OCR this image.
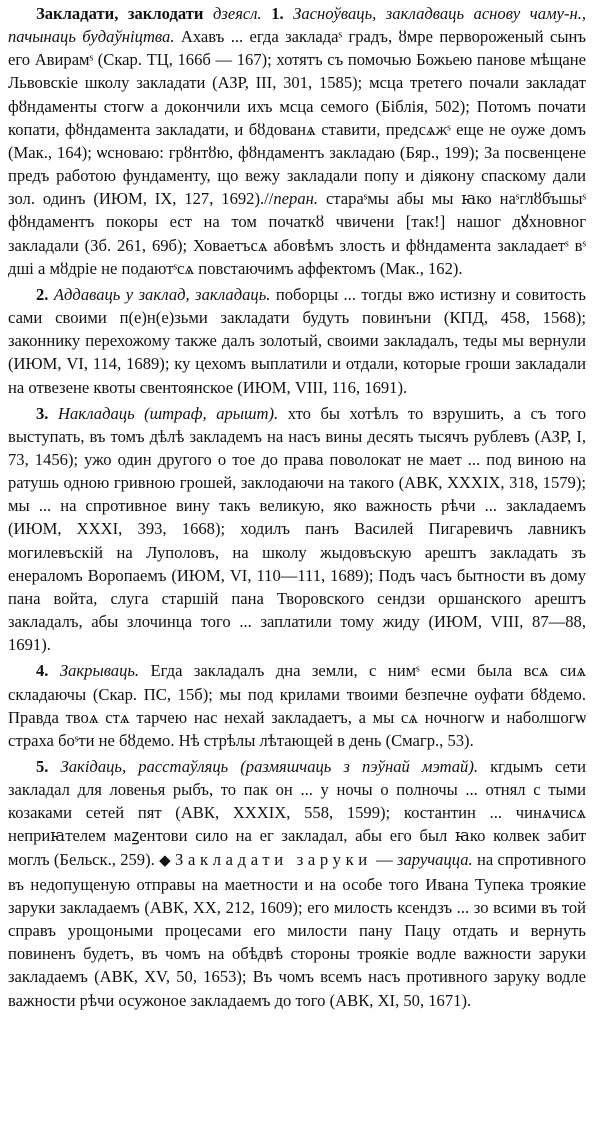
Закладати, заклодати дзеясл. 1. Засноўваць, закладваць аснову чаму-н., пачынаць будаўніцтва. Ахавъ ... егда закладаˢ градъ, ȣмре первороженый сынъ его Авирамˢ (Скар. ТЦ, 166б — 167); хотятъ съ помочью Божьею панове мѣщане Львовскіе школу закладати (АЗР, III, 301, 1585); мсца третего почали закладат фȣндаменты стогѡ а докончили ихъ мсца семого (Біблія, 502); Потомъ почати копати, фȣндамента закладати, и бȣдованѧ ставити, предсѧжˢ еще не оуже домъ (Мак., 164); ѡсноваю: грȣнтȣю, фȣндаментъ закладаю (Бяр., 199); За посвенцене предъ работою фундаменту, що вежу закладали попу и діякону спаскому дали зол. одинъ (ИЮМ, IX, 127, 1692).//перан. стараˢмы абы мы ꙗко наˢглȣбъшыˢ фȣндаментъ покоры ест на том початкȣ чвичени [так!] нашог дꙋхновног закладали (Зб. 261, 69б); Ховаетъсѧ абовѣмъ злость и фȣндамента закладаетˢ вˢ дші а мȣдріе не подаютˢсѧ повстаючимъ аффектомъ (Мак., 162).

2. Аддаваць у заклад, закладаць. поборцы ... тогды вжо истизну и совитость сами своими п(е)н(е)зьми закладати будуть повинъни (КПД, 458, 1568); законнику перехожому также далъ золотый, своими закладалъ, теды мы вернули (ИЮМ, VI, 114, 1689); ку цехомъ выплатили и отдали, которые гроши закладали на отвезене квоты свентоянское (ИЮМ, VIII, 116, 1691).

3. Накладаць (штраф, арышт). хто бы хотѣлъ то взрушить, а съ того выступать, въ томъ дѣлѣ закладемъ на насъ вины десять тысячъ рублевъ (АЗР, I, 73, 1456); ужо один другого о тое до права поволокат не мает ... под виною на ратушь одною гривною грошей, заклодаючи на такого (АВК, XXXIX, 318, 1579); мы ... на спротивное вину такъ великую, яко важность рѣчи ... закладаемъ (ИЮМ, XXXI, 393, 1668); ходилъ панъ Василей Пигаревичъ лавникъ могилевъскій на Луполовъ, на школу жыдовъскую арештъ закладать зъ енераломъ Воропаемъ (ИЮМ, VI, 110—111, 1689); Подъ часъ бытности въ дому пана войта, слуга старшій пана Творовского сендзи оршанского арештъ закладалъ, абы злочинца того ... заплатили тому жиду (ИЮМ, VIII, 87—88, 1691).

4. Закрываць. Егда закладалъ дна земли, с нимˢ есми была всѧ сиѧ складаючы (Скар. ПС, 15б); мы под крилами твоими безпечне оуфати бȣдемо. Правда твоѧ стѧ тарчею нас нехай закладаетъ, а мы сѧ ночногѡ и наболшогѡ страха боˢти не бȣдемо. Нѣ стрѣлы лѣтающей в день (Смагр., 53).

5. Закідаць, расстаўляць (размяшчаць з пэўнай мэтай). кгдымъ сети закладал для ловенья рыбъ, то пак он ... у ночы о полночы ... отнял с тыми козаками сетей пят (АВК, XXXIX, 558, 1599); костантин ... чинѧчисѧ неприꙗтелем маꙁентови сило на ег закладал, абы его был ꙗко колвек забит моглъ (Бельск., 259). ◆ Закладати заруки — заручацца. на спротивного въ недопущеную отправы на маетности и на особе того Ивана Тупека троякие заруки закладаемъ (АВК, XX, 212, 1609); его милость ксендзъ ... зо всими въ той справъ урощоными процесами его милости пану Пацу отдать и вернуть повиненъ будетъ, въ чомъ на обѣдвѣ стороны троякіе водле важности заруки закладаемъ (АВК, XV, 50, 1653); Въ чомъ всемъ насъ противного заруку водле важности рѣчи осужоное закладаемъ до того (АВК, XI, 50, 1671).
